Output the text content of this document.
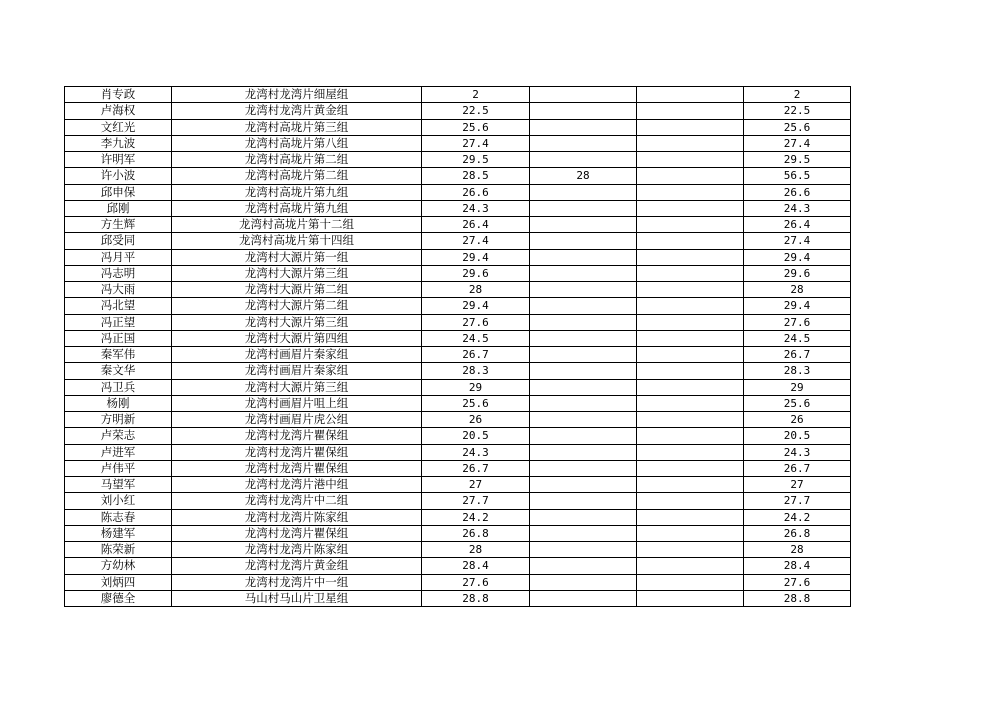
肖专政	龙湾村龙湾片细屋组	2			2
卢海权	龙湾村龙湾片黄金组	22.5			22.5
文红光	龙湾村高垅片第三组	25.6			25.6
李九波	龙湾村高垅片第八组	27.4			27.4
许明军	龙湾村高垅片第二组	29.5			29.5
许小波	龙湾村高垅片第二组	28.5	28		56.5
邱申保	龙湾村高垅片第九组	26.6			26.6
邱刚	龙湾村高垅片第九组	24.3			24.3
方生辉	龙湾村高垅片第十二组	26.4			26.4
邱受同	龙湾村高垅片第十四组	27.4			27.4
冯月平	龙湾村大源片第一组	29.4			29.4
冯志明	龙湾村大源片第三组	29.6			29.6
冯大雨	龙湾村大源片第二组	28			28
冯北望	龙湾村大源片第二组	29.4			29.4
冯正望	龙湾村大源片第三组	27.6			27.6
冯正国	龙湾村大源片第四组	24.5			24.5
秦军伟	龙湾村画眉片秦家组	26.7			26.7
秦文华	龙湾村画眉片秦家组	28.3			28.3
冯卫兵	龙湾村大源片第三组	29			29
杨刚	龙湾村画眉片咀上组	25.6			25.6
方明新	龙湾村画眉片虎公组	26			26
卢荣志	龙湾村龙湾片瞿保组	20.5			20.5
卢进军	龙湾村龙湾片瞿保组	24.3			24.3
卢伟平	龙湾村龙湾片瞿保组	26.7			26.7
马望军	龙湾村龙湾片港中组	27			27
刘小红	龙湾村龙湾片中二组	27.7			27.7
陈志春	龙湾村龙湾片陈家组	24.2			24.2
杨建军	龙湾村龙湾片瞿保组	26.8			26.8
陈荣新	龙湾村龙湾片陈家组	28			28
方幼林	龙湾村龙湾片黄金组	28.4			28.4
刘炳四	龙湾村龙湾片中一组	27.6			27.6
廖德全	马山村马山片卫星组	28.8			28.8
